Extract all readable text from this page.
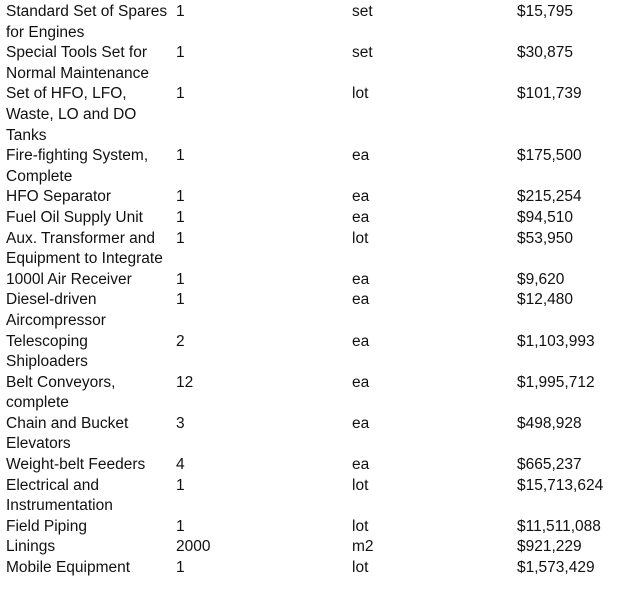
Standard Set of Spares for Engines	1	set	$15,795
Special Tools Set for Normal Maintenance	1	set	$30,875
Set of HFO, LFO, Waste, LO and DO Tanks	1	lot	$101,739
Fire-fighting System, Complete	1	ea	$175,500
HFO Separator	1	ea	$215,254
Fuel Oil Supply Unit	1	ea	$94,510
Aux. Transformer and Equipment to Integrate	1	lot	$53,950
1000l Air Receiver	1	ea	$9,620
Diesel-driven Aircompressor	1	ea	$12,480
Telescoping Shiploaders	2	ea	$1,103,993
Belt Conveyors, complete	12	ea	$1,995,712
Chain and Bucket Elevators	3	ea	$498,928
Weight-belt Feeders	4	ea	$665,237
Electrical and Instrumentation	1	lot	$15,713,624
Field Piping	1	lot	$11,511,088
Linings	2000	m2	$921,229
Mobile Equipment	1	lot	$1,573,429
